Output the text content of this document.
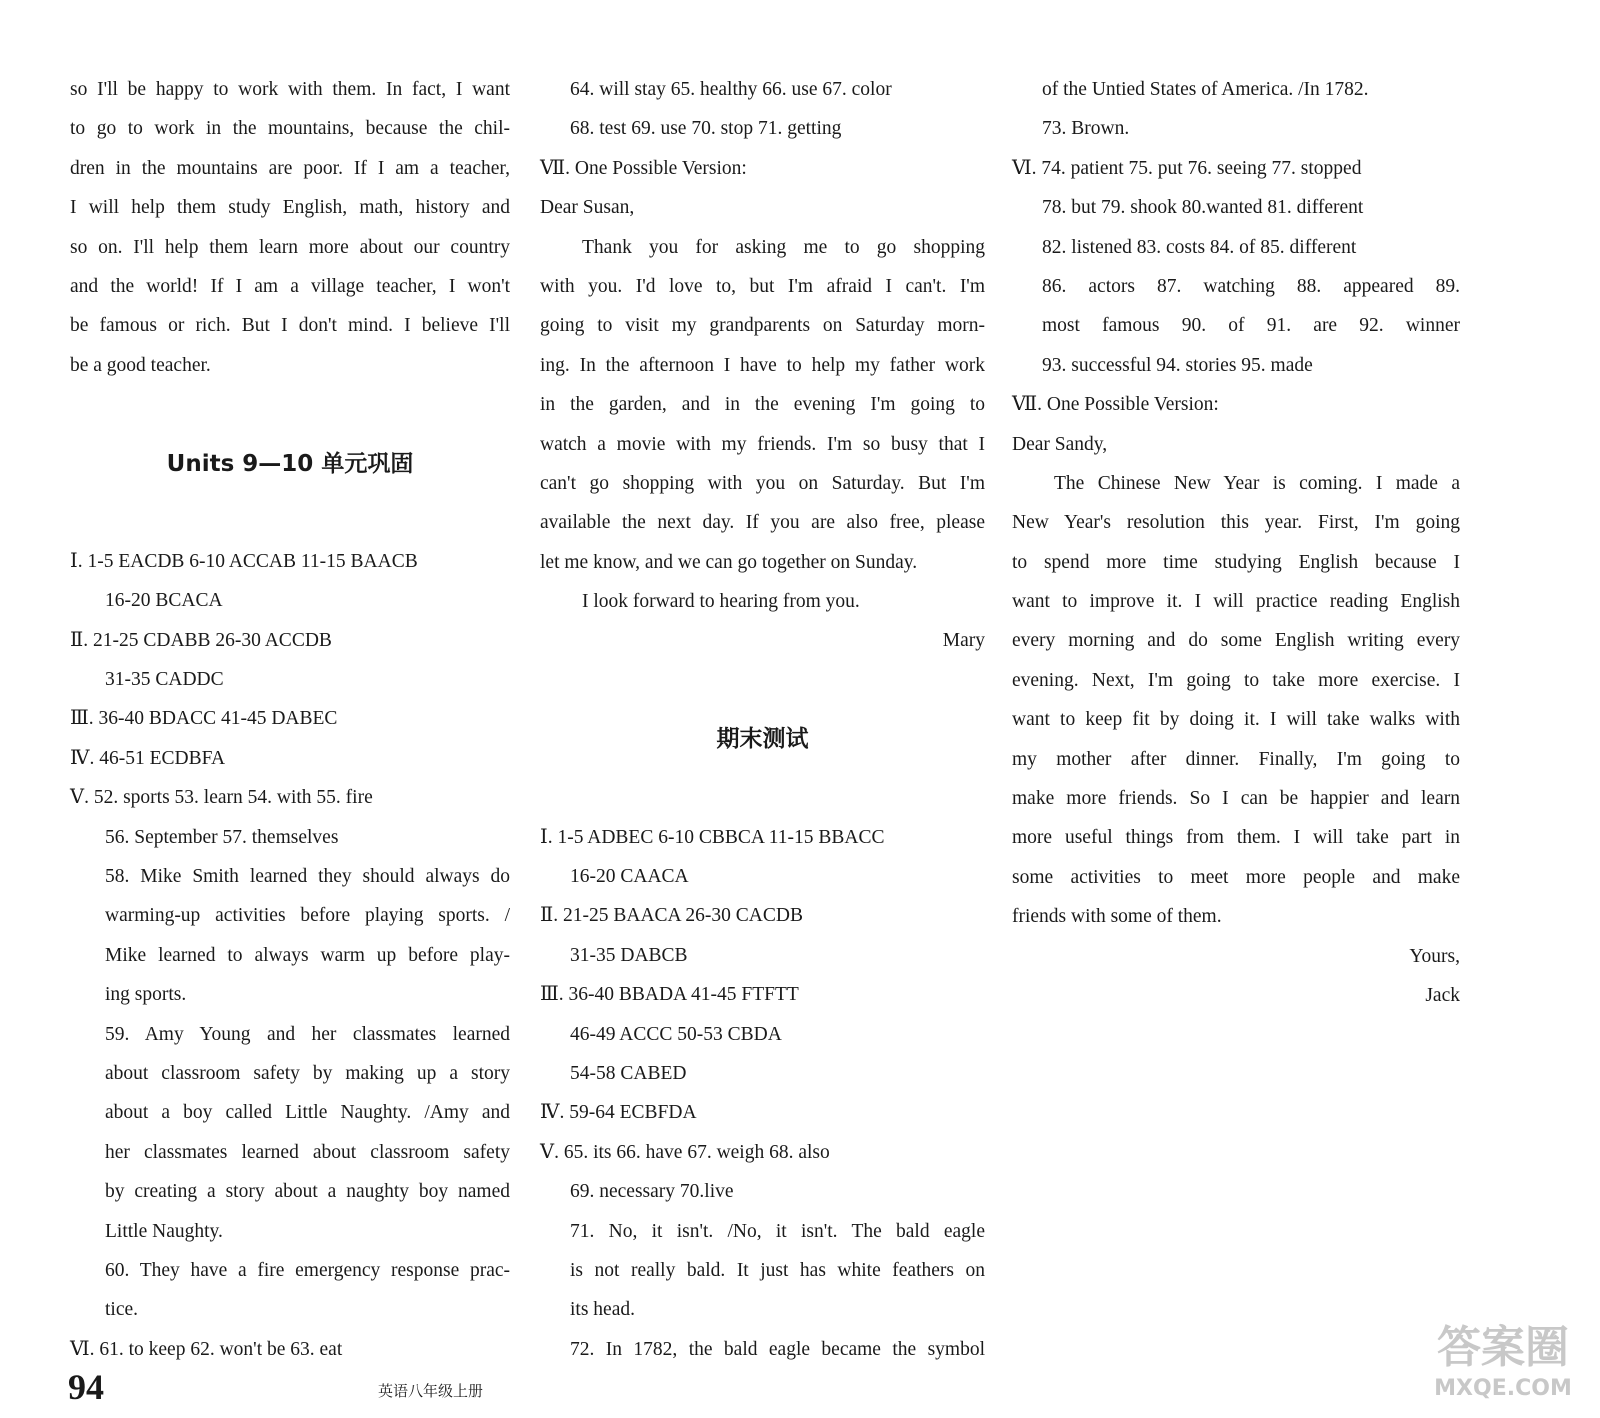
so I'll be happy to work with them. In fact, I want
to go to work in the mountains, because the chil-
dren in the mountains are poor. If I am a teacher,
I will help them study English, math, history and
so on. I'll help them learn more about our country
and the world! If I am a village teacher, I won't
be famous or rich. But I don't mind. I believe I'll
be a good teacher.
Units 9—10 单元巩固
Ⅰ. 1-5 EACDB 6-10 ACCAB 11-15 BAACB
16-20 BCACA
Ⅱ. 21-25 CDABB 26-30 ACCDB
31-35 CADDC
Ⅲ. 36-40 BDACC 41-45 DABEC
Ⅳ. 46-51 ECDBFA
Ⅴ. 52. sports 53. learn 54. with 55. fire
56. September 57. themselves
58. Mike Smith learned they should always do
warming-up activities before playing sports. /
Mike learned to always warm up before play-
ing sports.
59. Amy Young and her classmates learned
about classroom safety by making up a story
about a boy called Little Naughty. /Amy and
her classmates learned about classroom safety
by creating a story about a naughty boy named
Little Naughty.
60. They have a fire emergency response prac-
tice.
Ⅵ. 61. to keep 62. won't be 63. eat
64. will stay 65. healthy 66. use 67. color
68. test 69. use 70. stop 71. getting
Ⅶ. One Possible Version:
Dear Susan,
Thank you for asking me to go shopping
with you. I'd love to, but I'm afraid I can't. I'm
going to visit my grandparents on Saturday morn-
ing. In the afternoon I have to help my father work
in the garden, and in the evening I'm going to
watch a movie with my friends. I'm so busy that I
can't go shopping with you on Saturday. But I'm
available the next day. If you are also free, please
let me know, and we can go together on Sunday.
I look forward to hearing from you.
Mary
期末测试
Ⅰ. 1-5 ADBEC 6-10 CBBCA 11-15 BBACC
16-20 CAACA
Ⅱ. 21-25 BAACA 26-30 CACDB
31-35 DABCB
Ⅲ. 36-40 BBADA 41-45 FTFTT
46-49 ACCC 50-53 CBDA
54-58 CABED
Ⅳ. 59-64 ECBFDA
Ⅴ. 65. its 66. have 67. weigh 68. also
69. necessary 70.live
71. No, it isn't. /No, it isn't. The bald eagle
is not really bald. It just has white feathers on
its head.
72. In 1782, the bald eagle became the symbol
of the Untied States of America. /In 1782.
73. Brown.
Ⅵ. 74. patient 75. put 76. seeing 77. stopped
78. but 79. shook 80.wanted 81. different
82. listened 83. costs 84. of 85. different
86. actors 87. watching 88. appeared 89.
most famous 90. of 91. are 92. winner
93. successful 94. stories 95. made
Ⅶ. One Possible Version:
Dear Sandy,
The Chinese New Year is coming. I made a
New Year's resolution this year. First, I'm going
to spend more time studying English because I
want to improve it. I will practice reading English
every morning and do some English writing every
evening. Next, I'm going to take more exercise. I
want to keep fit by doing it. I will take walks with
my mother after dinner. Finally, I'm going to
make more friends. So I can be happier and learn
more useful things from them. I will take part in
some activities to meet more people and make
friends with some of them.
Yours,
Jack
94	英语八年级上册
答案圈
MXQE.COM
